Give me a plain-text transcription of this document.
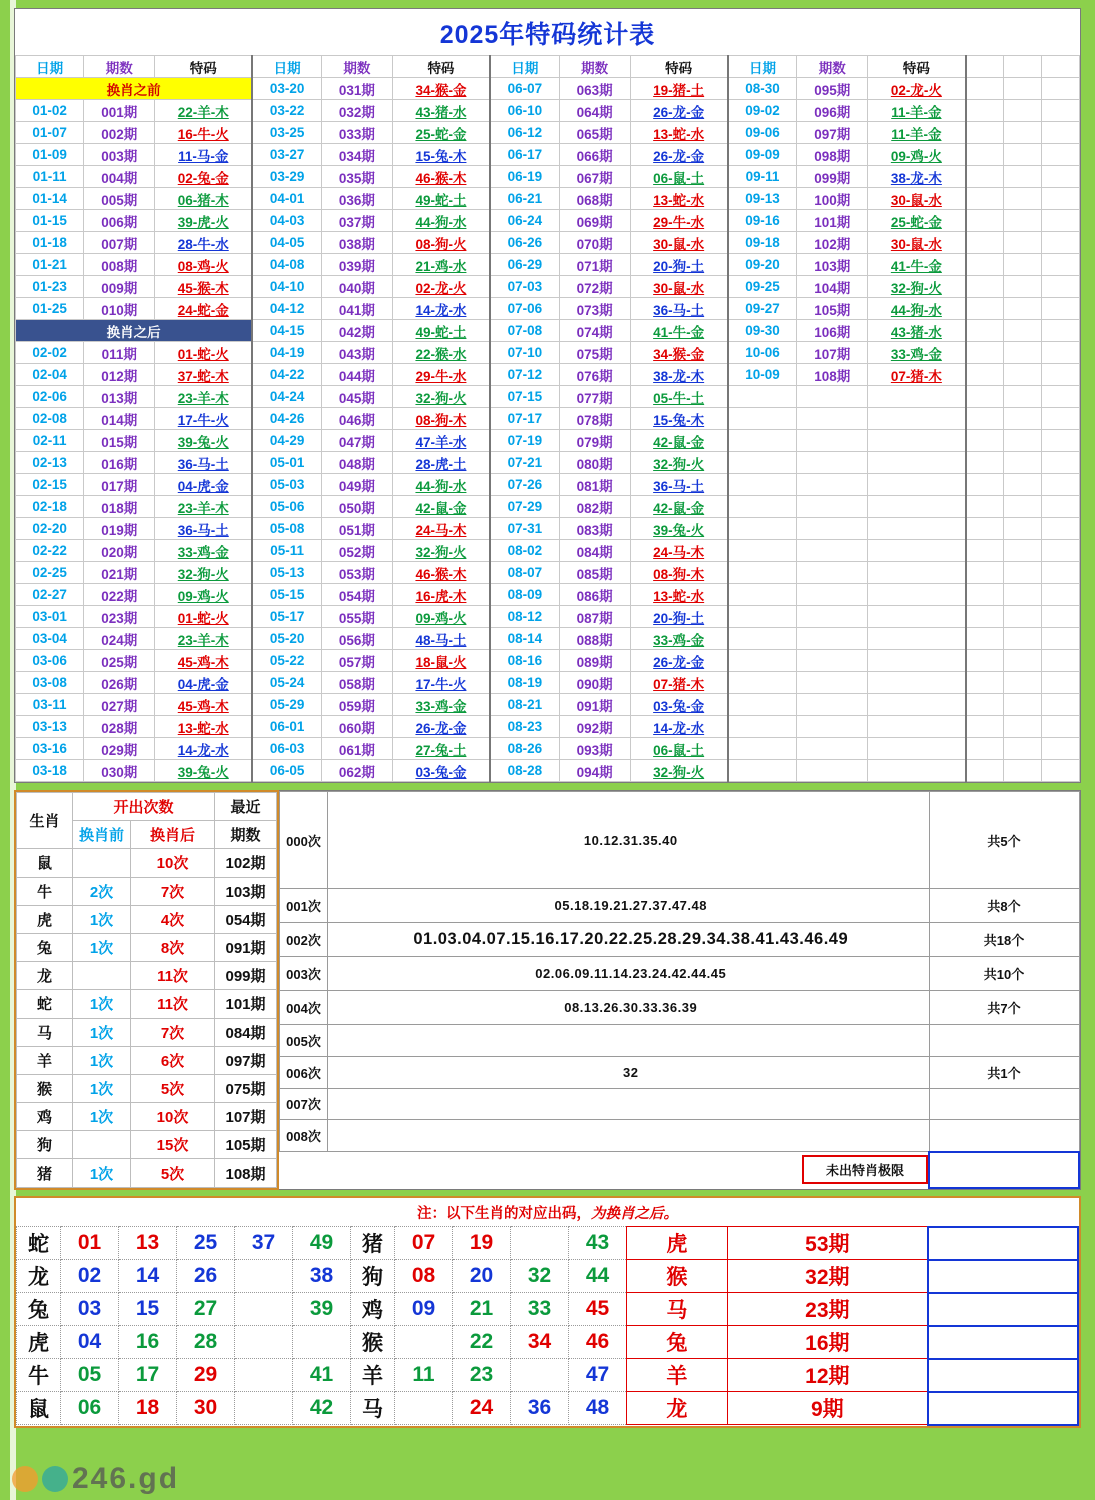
2025年特码统计表
日期	期数	特码	日期	期数	特码	日期	期数	特码	日期	期数	特码			
换肖之前			03-20	031期	34-猴-金	06-07	063期	19-猪-土	08-30	095期	02-龙-火			
01-02	001期	22-羊-木	03-22	032期	43-猪-水	06-10	064期	26-龙-金	09-02	096期	11-羊-金			
01-07	002期	16-牛-火	03-25	033期	25-蛇-金	06-12	065期	13-蛇-水	09-06	097期	11-羊-金			
01-09	003期	11-马-金	03-27	034期	15-兔-木	06-17	066期	26-龙-金	09-09	098期	09-鸡-火			
01-11	004期	02-兔-金	03-29	035期	46-猴-木	06-19	067期	06-鼠-土	09-11	099期	38-龙-木			
01-14	005期	06-猪-木	04-01	036期	49-蛇-土	06-21	068期	13-蛇-水	09-13	100期	30-鼠-水			
01-15	006期	39-虎-火	04-03	037期	44-狗-水	06-24	069期	29-牛-水	09-16	101期	25-蛇-金			
01-18	007期	28-牛-水	04-05	038期	08-狗-火	06-26	070期	30-鼠-水	09-18	102期	30-鼠-水			
01-21	008期	08-鸡-火	04-08	039期	21-鸡-水	06-29	071期	20-狗-土	09-20	103期	41-牛-金			
01-23	009期	45-猴-木	04-10	040期	02-龙-火	07-03	072期	30-鼠-水	09-25	104期	32-狗-火			
01-25	010期	24-蛇-金	04-12	041期	14-龙-水	07-06	073期	36-马-土	09-27	105期	44-狗-水			
换肖之后			04-15	042期	49-蛇-土	07-08	074期	41-牛-金	09-30	106期	43-猪-水			
02-02	011期	01-蛇-火	04-19	043期	22-猴-水	07-10	075期	34-猴-金	10-06	107期	33-鸡-金			
02-04	012期	37-蛇-木	04-22	044期	29-牛-水	07-12	076期	38-龙-木	10-09	108期	07-猪-木			
02-06	013期	23-羊-木	04-24	045期	32-狗-火	07-15	077期	05-牛-土						
02-08	014期	17-牛-火	04-26	046期	08-狗-木	07-17	078期	15-兔-木						
02-11	015期	39-兔-火	04-29	047期	47-羊-水	07-19	079期	42-鼠-金						
02-13	016期	36-马-土	05-01	048期	28-虎-土	07-21	080期	32-狗-火						
02-15	017期	04-虎-金	05-03	049期	44-狗-水	07-26	081期	36-马-土						
02-18	018期	23-羊-木	05-06	050期	42-鼠-金	07-29	082期	42-鼠-金						
02-20	019期	36-马-土	05-08	051期	24-马-木	07-31	083期	39-兔-火						
02-22	020期	33-鸡-金	05-11	052期	32-狗-火	08-02	084期	24-马-木						
02-25	021期	32-狗-火	05-13	053期	46-猴-木	08-07	085期	08-狗-木						
02-27	022期	09-鸡-火	05-15	054期	16-虎-木	08-09	086期	13-蛇-水						
03-01	023期	01-蛇-火	05-17	055期	09-鸡-火	08-12	087期	20-狗-土						
03-04	024期	23-羊-木	05-20	056期	48-马-土	08-14	088期	33-鸡-金						
03-06	025期	45-鸡-木	05-22	057期	18-鼠-火	08-16	089期	26-龙-金						
03-08	026期	04-虎-金	05-24	058期	17-牛-火	08-19	090期	07-猪-木						
03-11	027期	45-鸡-木	05-29	059期	33-鸡-金	08-21	091期	03-兔-金						
03-13	028期	13-蛇-水	06-01	060期	26-龙-金	08-23	092期	14-龙-水						
03-16	029期	14-龙-水	06-03	061期	27-兔-土	08-26	093期	06-鼠-土						
03-18	030期	39-兔-火	06-05	062期	03-兔-金	08-28	094期	32-狗-火						
生肖	开出次数		最近
	换肖前	换肖后	期数
鼠		10次	102期
牛	2次	7次	103期
虎	1次	4次	054期
兔	1次	8次	091期
龙		11次	099期
蛇	1次	11次	101期
马	1次	7次	084期
羊	1次	6次	097期
猴	1次	5次	075期
鸡	1次	10次	107期
狗		15次	105期
猪	1次	5次	108期
000次	10.12.31.35.40	共5个
001次	05.18.19.21.27.37.47.48	共8个
002次	01.03.04.07.15.16.17.20.22.25.28.29.34.38.41.43.46.49	共18个
003次	02.06.09.11.14.23.24.42.44.45	共10个
004次	08.13.26.30.33.36.39	共7个
005次		
006次	32	共1个
007次		
008次		
	未出特肖极限	
注：以下生肖的对应出码，为换肖之后。
蛇	01	13	25	37	49	猪	07	19		43	虎	53期	
龙	02	14	26		38	狗	08	20	32	44	猴	32期	
兔	03	15	27		39	鸡	09	21	33	45	马	23期	
虎	04	16	28			猴		22	34	46	兔	16期	
牛	05	17	29		41	羊	11	23		47	羊	12期	
鼠	06	18	30		42	马		24	36	48	龙	9期	
246.gd
